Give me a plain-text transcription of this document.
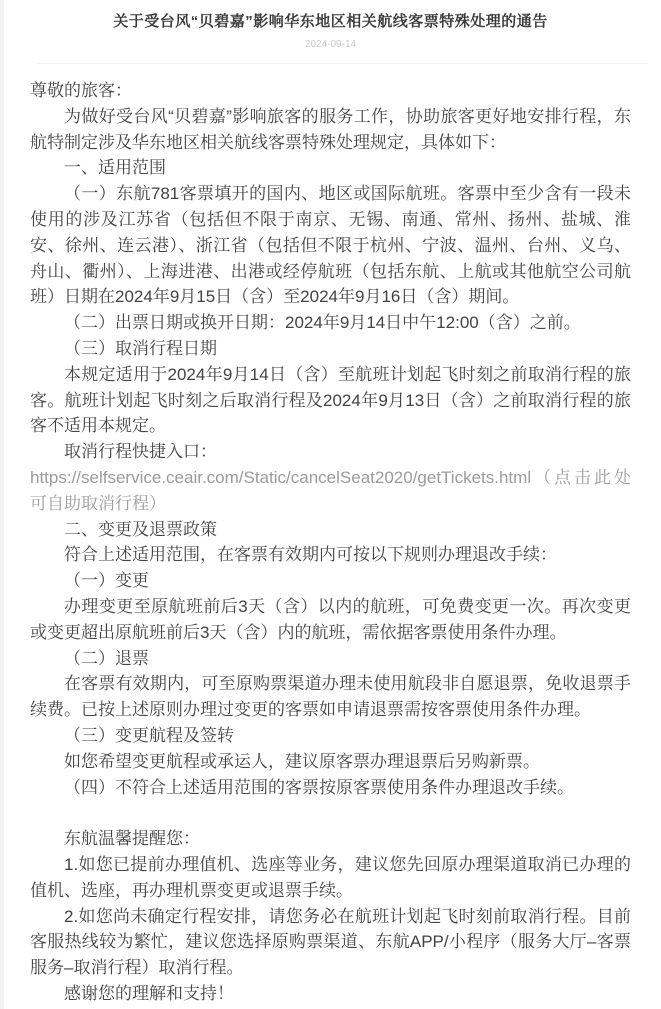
关于受台风“贝碧嘉”影响华东地区相关航线客票特殊处理的通告
2024-09-14

尊敬的旅客：

为做好受台风“贝碧嘉”影响旅客的服务工作，协助旅客更好地安排行程，东航特制定涉及华东地区相关航线客票特殊处理规定，具体如下：

一、适用范围

（一）东航781客票填开的国内、地区或国际航班。客票中至少含有一段未使用的涉及江苏省（包括但不限于南京、无锡、南通、常州、扬州、盐城、淮安、徐州、连云港）、浙江省（包括但不限于杭州、宁波、温州、台州、义乌、舟山、衢州）、上海进港、出港或经停航班（包括东航、上航或其他航空公司航班）日期在2024年9月15日（含）至2024年9月16日（含）期间。

（二）出票日期或换开日期：2024年9月14日中午12:00（含）之前。

（三）取消行程日期

本规定适用于2024年9月14日（含）至航班计划起飞时刻之前取消行程的旅客。航班计划起飞时刻之后取消行程及2024年9月13日（含）之前取消行程的旅客不适用本规定。

取消行程快捷入口：

https://selfservice.ceair.com/Static/cancelSeat2020/getTickets.html（点击此处可自助取消行程）

二、变更及退票政策

符合上述适用范围，在客票有效期内可按以下规则办理退改手续：

（一）变更

办理变更至原航班前后3天（含）以内的航班，可免费变更一次。再次变更或变更超出原航班前后3天（含）内的航班，需依据客票使用条件办理。

（二）退票

在客票有效期内，可至原购票渠道办理未使用航段非自愿退票，免收退票手续费。已按上述原则办理过变更的客票如申请退票需按客票使用条件办理。

（三）变更航程及签转

如您希望变更航程或承运人，建议原客票办理退票后另购新票。

（四）不符合上述适用范围的客票按原客票使用条件办理退改手续。

东航温馨提醒您：

1.如您已提前办理值机、选座等业务，建议您先回原办理渠道取消已办理的值机、选座，再办理机票变更或退票手续。

2.如您尚未确定行程安排，请您务必在航班计划起飞时刻前取消行程。目前客服热线较为繁忙，建议您选择原购票渠道、东航APP/小程序（服务大厅–客票服务–取消行程）取消行程。

感谢您的理解和支持！
